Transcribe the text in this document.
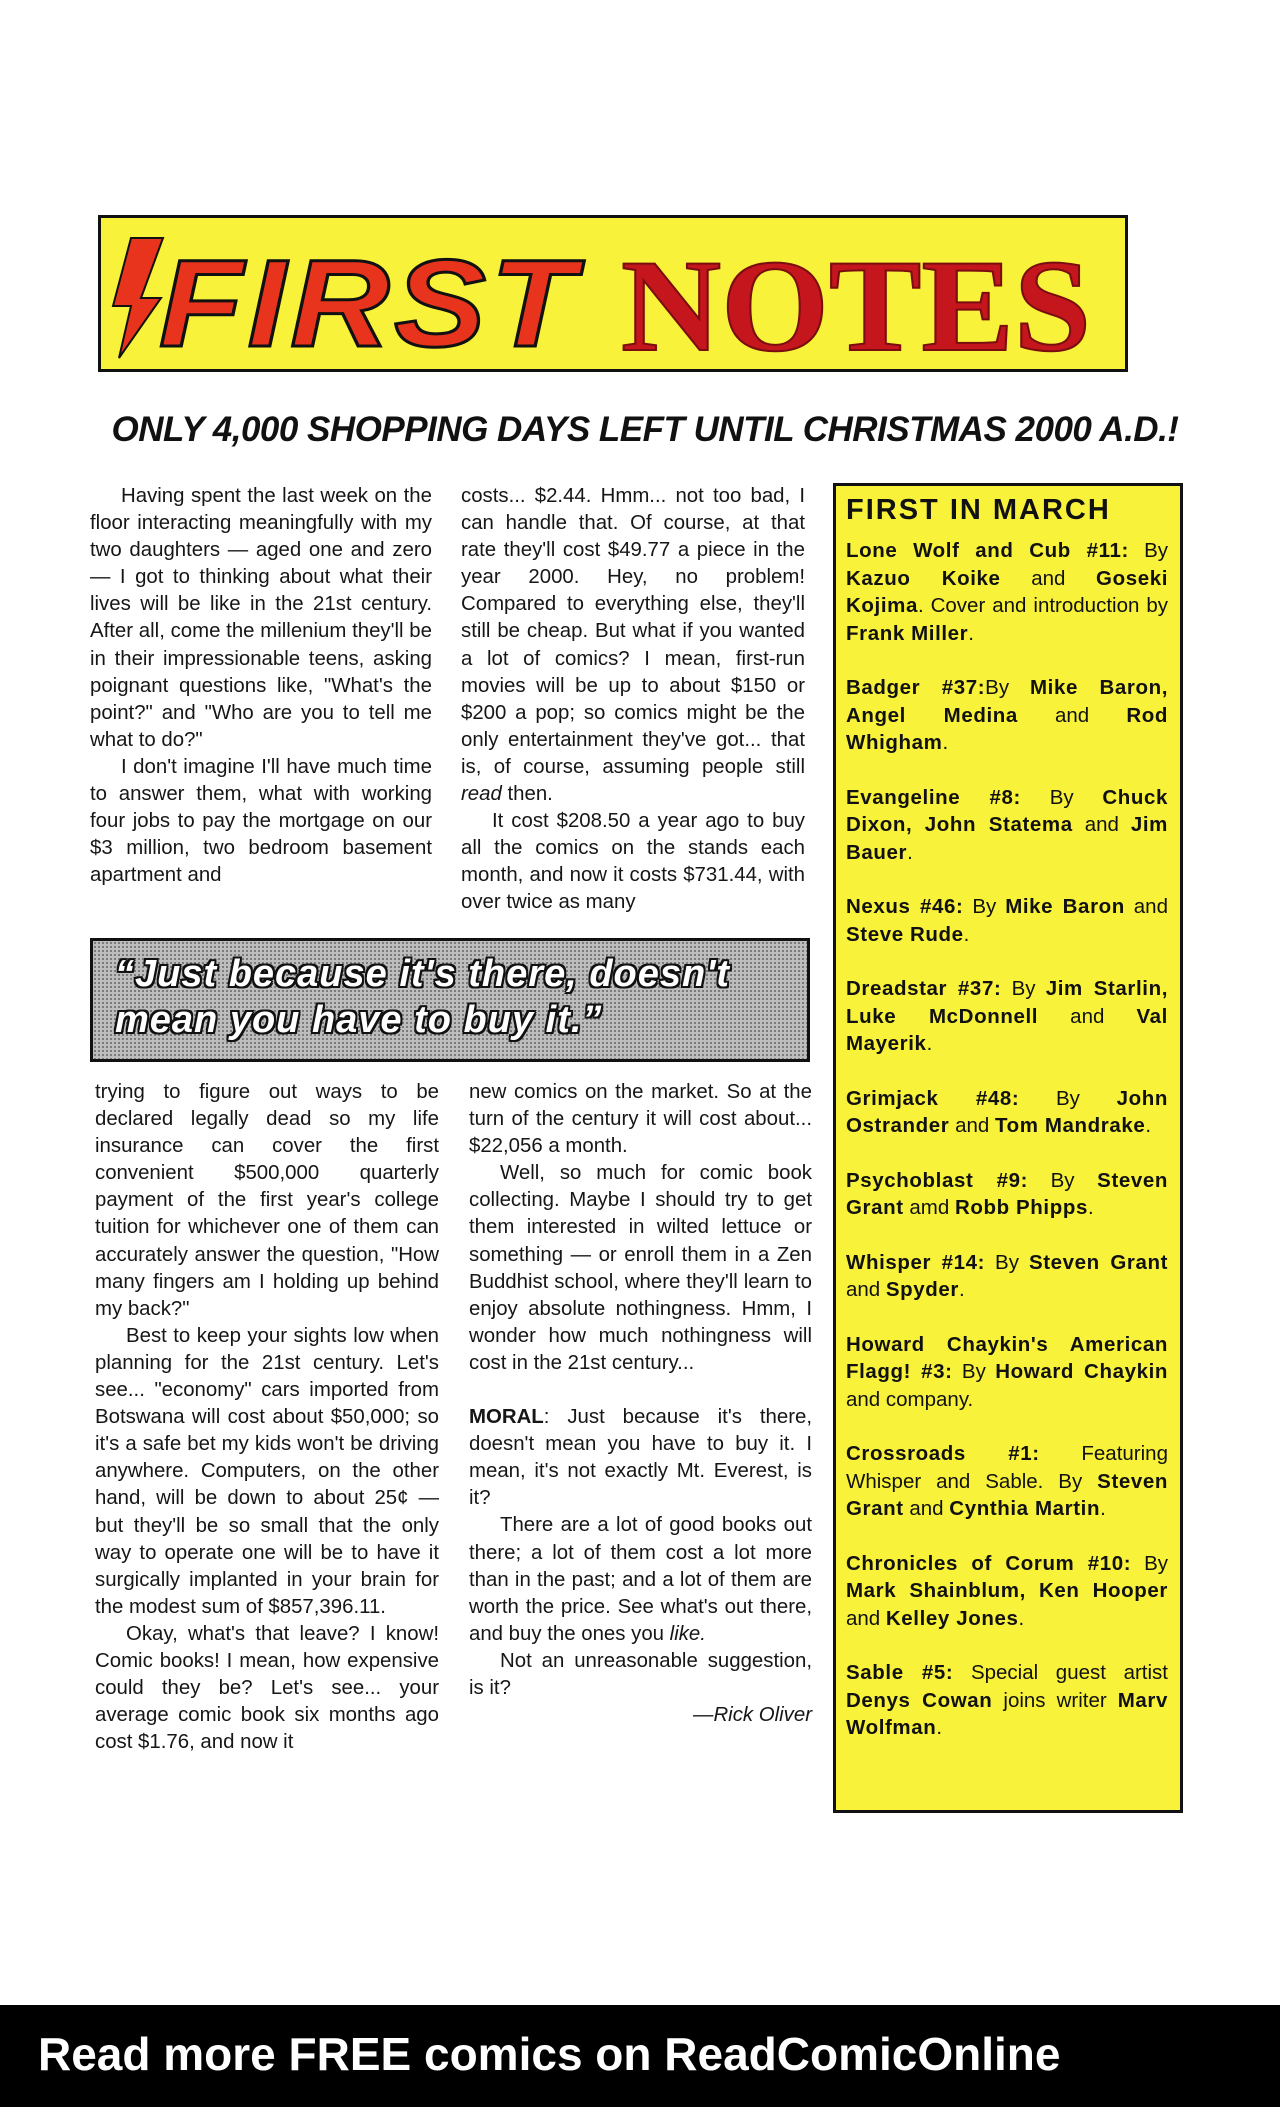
FIRST NOTES
ONLY 4,000 SHOPPING DAYS LEFT UNTIL CHRISTMAS 2000 A.D.!

Having spent the last week on the floor interacting meaningfully with my two daughters — aged one and zero — I got to thinking about what their lives will be like in the 21st century. After all, come the millenium they'll be in their impressionable teens, asking poignant questions like, "What's the point?" and "Who are you to tell me what to do?"

I don't imagine I'll have much time to answer them, what with working four jobs to pay the mortgage on our $3 million, two bedroom basement apartment and

costs... $2.44. Hmm... not too bad, I can handle that. Of course, at that rate they'll cost $49.77 a piece in the year 2000. Hey, no problem! Compared to everything else, they'll still be cheap. But what if you wanted a lot of comics? I mean, first-run movies will be up to about $150 or $200 a pop; so comics might be the only entertainment they've got... that is, of course, assuming people still read then.

It cost $208.50 a year ago to buy all the comics on the stands each month, and now it costs $731.44, with over twice as many

“Just because it's there, doesn't mean you have to buy it.”

trying to figure out ways to be declared legally dead so my life insurance can cover the first convenient $500,000 quarterly payment of the first year's college tuition for whichever one of them can accurately answer the question, "How many fingers am I holding up behind my back?"

Best to keep your sights low when planning for the 21st century. Let's see... "economy" cars imported from Botswana will cost about $50,000; so it's a safe bet my kids won't be driving anywhere. Computers, on the other hand, will be down to about 25¢ — but they'll be so small that the only way to operate one will be to have it surgically implanted in your brain for the modest sum of $857,396.11.

Okay, what's that leave? I know! Comic books! I mean, how expensive could they be? Let's see... your average comic book six months ago cost $1.76, and now it

new comics on the market. So at the turn of the century it will cost about... $22,056 a month.

Well, so much for comic book collecting. Maybe I should try to get them interested in wilted lettuce or something — or enroll them in a Zen Buddhist school, where they'll learn to enjoy absolute nothingness. Hmm, I wonder how much nothingness will cost in the 21st century...

MORAL: Just because it's there, doesn't mean you have to buy it. I mean, it's not exactly Mt. Everest, is it?

There are a lot of good books out there; a lot of them cost a lot more than in the past; and a lot of them are worth the price. See what's out there, and buy the ones you like.

Not an unreasonable suggestion, is it?

—Rick Oliver

FIRST IN MARCH
Lone Wolf and Cub #11: By Kazuo Koike and Goseki Kojima. Cover and introduction by Frank Miller.
Badger #37:By Mike Baron, Angel Medina and Rod Whigham.
Evangeline #8: By Chuck Dixon, John Statema and Jim Bauer.
Nexus #46: By Mike Baron and Steve Rude.
Dreadstar #37: By Jim Starlin, Luke McDonnell and Val Mayerik.
Grimjack #48: By John Ostrander and Tom Mandrake.
Psychoblast #9: By Steven Grant amd Robb Phipps.
Whisper #14: By Steven Grant and Spyder.
Howard Chaykin's American Flagg! #3: By Howard Chaykin and company.
Crossroads #1: Featuring Whisper and Sable. By Steven Grant and Cynthia Martin.
Chronicles of Corum #10: By Mark Shainblum, Ken Hooper and Kelley Jones.
Sable #5: Special guest artist Denys Cowan joins writer Marv Wolfman.
Read more FREE comics on ReadComicOnline
